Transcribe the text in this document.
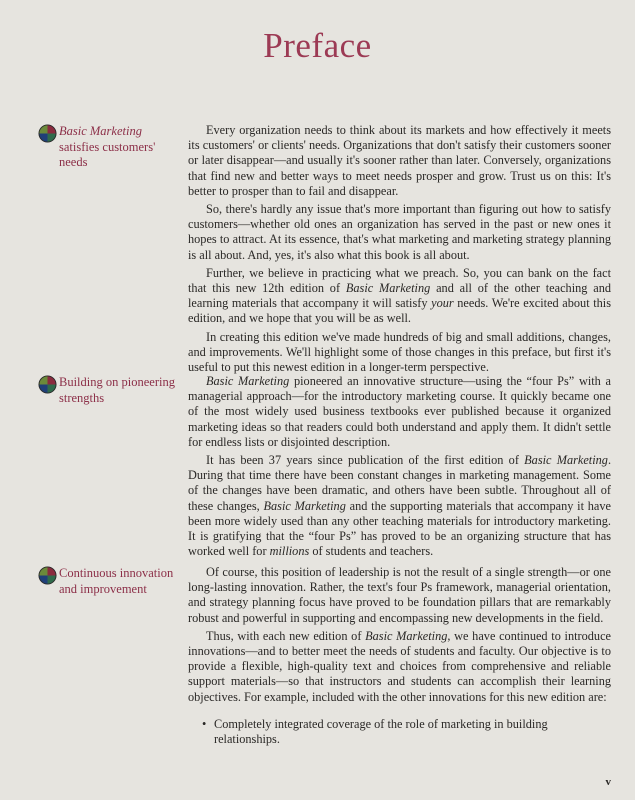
Preface
Basic Marketing satisfies customers' needs

Every organization needs to think about its markets and how effectively it meets its customers' or clients' needs. Organizations that don't satisfy their customers sooner or later disappear—and usually it's sooner rather than later. Conversely, organizations that find new and better ways to meet needs prosper and grow. Trust us on this: It's better to prosper than to fail and disappear.

So, there's hardly any issue that's more important than figuring out how to satisfy customers—whether old ones an organization has served in the past or new ones it hopes to attract. At its essence, that's what marketing and marketing strategy planning is all about. And, yes, it's also what this book is all about.

Further, we believe in practicing what we preach. So, you can bank on the fact that this new 12th edition of Basic Marketing and all of the other teaching and learning materials that accompany it will satisfy your needs. We're excited about this edition, and we hope that you will be as well.

In creating this edition we've made hundreds of big and small additions, changes, and improvements. We'll highlight some of those changes in this preface, but first it's useful to put this newest edition in a longer-term perspective.

Building on pioneering strengths

Basic Marketing pioneered an innovative structure—using the “four Ps” with a managerial approach—for the introductory marketing course. It quickly became one of the most widely used business textbooks ever published because it organized marketing ideas so that readers could both understand and apply them. It didn't settle for endless lists or disjointed description.

It has been 37 years since publication of the first edition of Basic Marketing. During that time there have been constant changes in marketing management. Some of the changes have been dramatic, and others have been subtle. Throughout all of these changes, Basic Marketing and the supporting materials that accompany it have been more widely used than any other teaching materials for introductory marketing. It is gratifying that the “four Ps” has proved to be an organizing structure that has worked well for millions of students and teachers.

Continuous innovation and improvement

Of course, this position of leadership is not the result of a single strength—or one long-lasting innovation. Rather, the text's four Ps framework, managerial orientation, and strategy planning focus have proved to be foundation pillars that are remarkably robust and powerful in supporting and encompassing new developments in the field.

Thus, with each new edition of Basic Marketing, we have continued to introduce innovations—and to better meet the needs of students and faculty. Our objective is to provide a flexible, high-quality text and choices from comprehensive and reliable support materials—so that instructors and students can accomplish their learning objectives. For example, included with the other innovations for this new edition are:

• Completely integrated coverage of the role of marketing in building relationships.
v
